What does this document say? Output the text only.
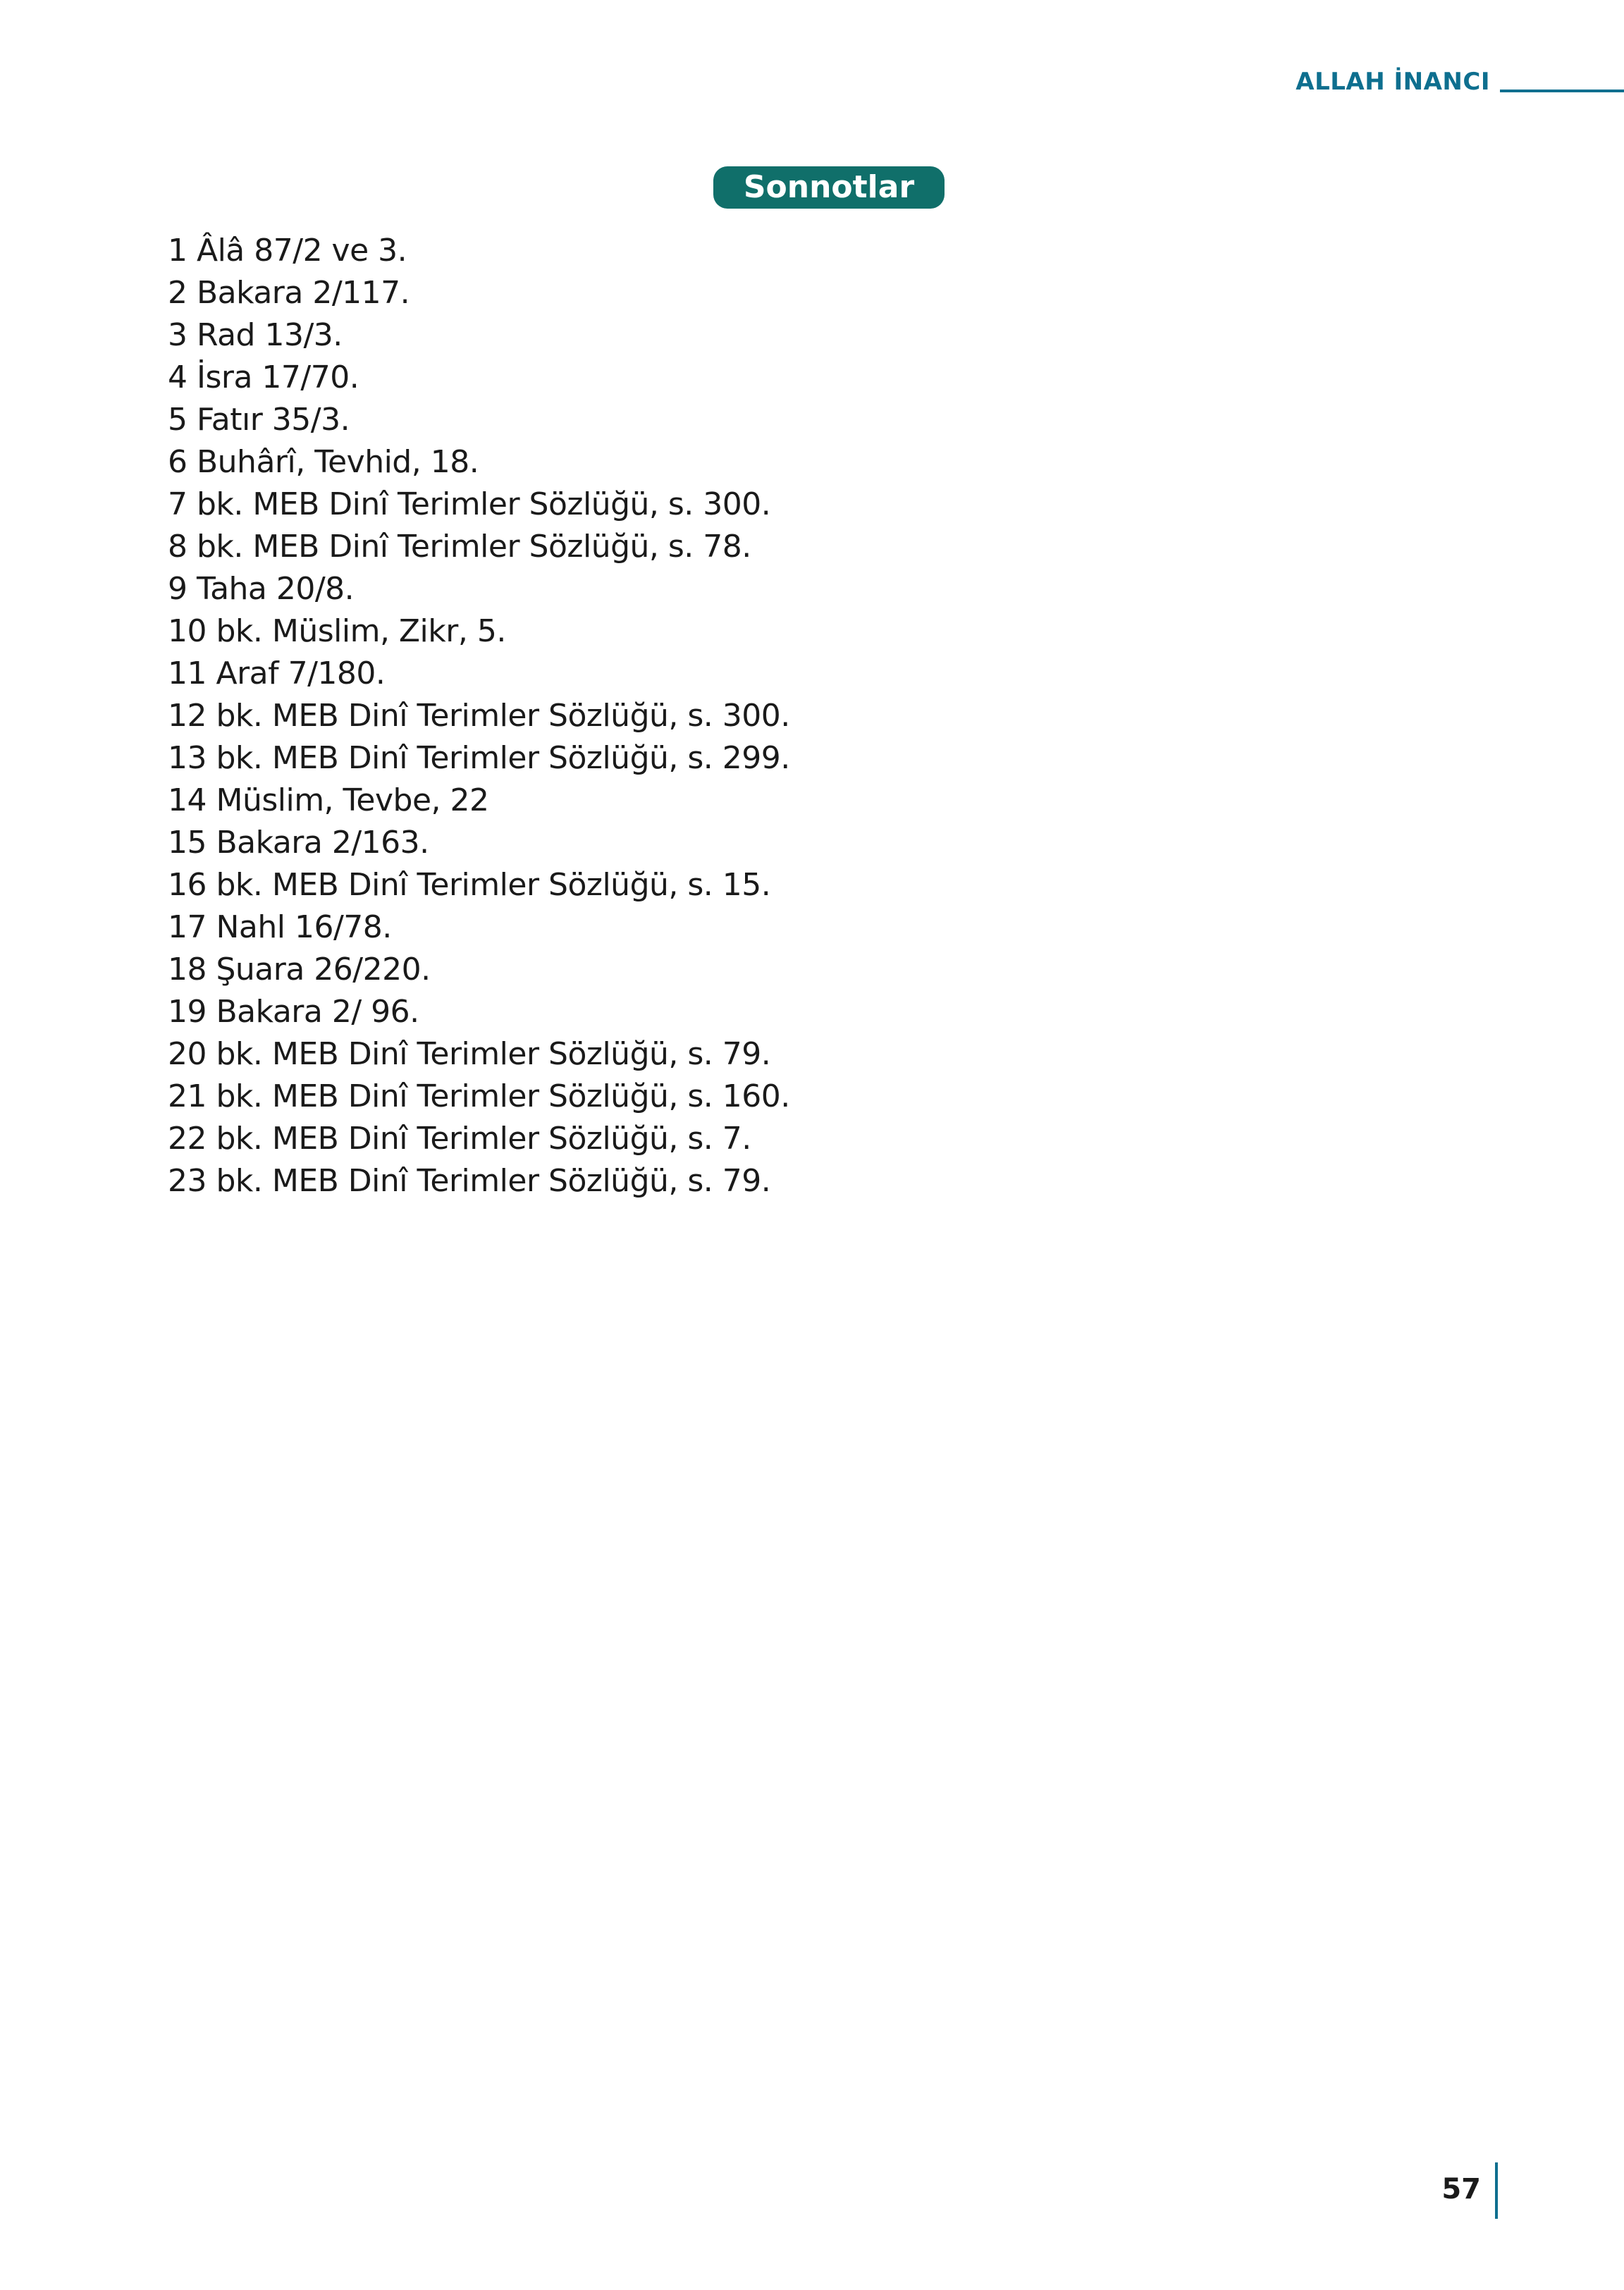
ALLAH İNANCI
Sonnotlar
1 Âlâ 87/2 ve 3.
2 Bakara 2/117.
3 Rad 13/3.
4 İsra 17/70.
5 Fatır 35/3.
6 Buhârî, Tevhid, 18.
7 bk. MEB Dinî Terimler Sözlüğü, s. 300.
8 bk. MEB Dinî Terimler Sözlüğü, s. 78.
9 Taha 20/8.
10 bk. Müslim, Zikr, 5.
11 Araf 7/180.
12 bk. MEB Dinî Terimler Sözlüğü, s. 300.
13 bk. MEB Dinî Terimler Sözlüğü, s. 299.
14 Müslim, Tevbe, 22
15 Bakara 2/163.
16 bk. MEB Dinî Terimler Sözlüğü, s. 15.
17 Nahl 16/78.
18 Şuara 26/220.
19 Bakara 2/ 96.
20 bk. MEB Dinî Terimler Sözlüğü, s. 79.
21 bk. MEB Dinî Terimler Sözlüğü, s. 160.
22 bk. MEB Dinî Terimler Sözlüğü, s. 7.
23 bk. MEB Dinî Terimler Sözlüğü, s. 79.
57
